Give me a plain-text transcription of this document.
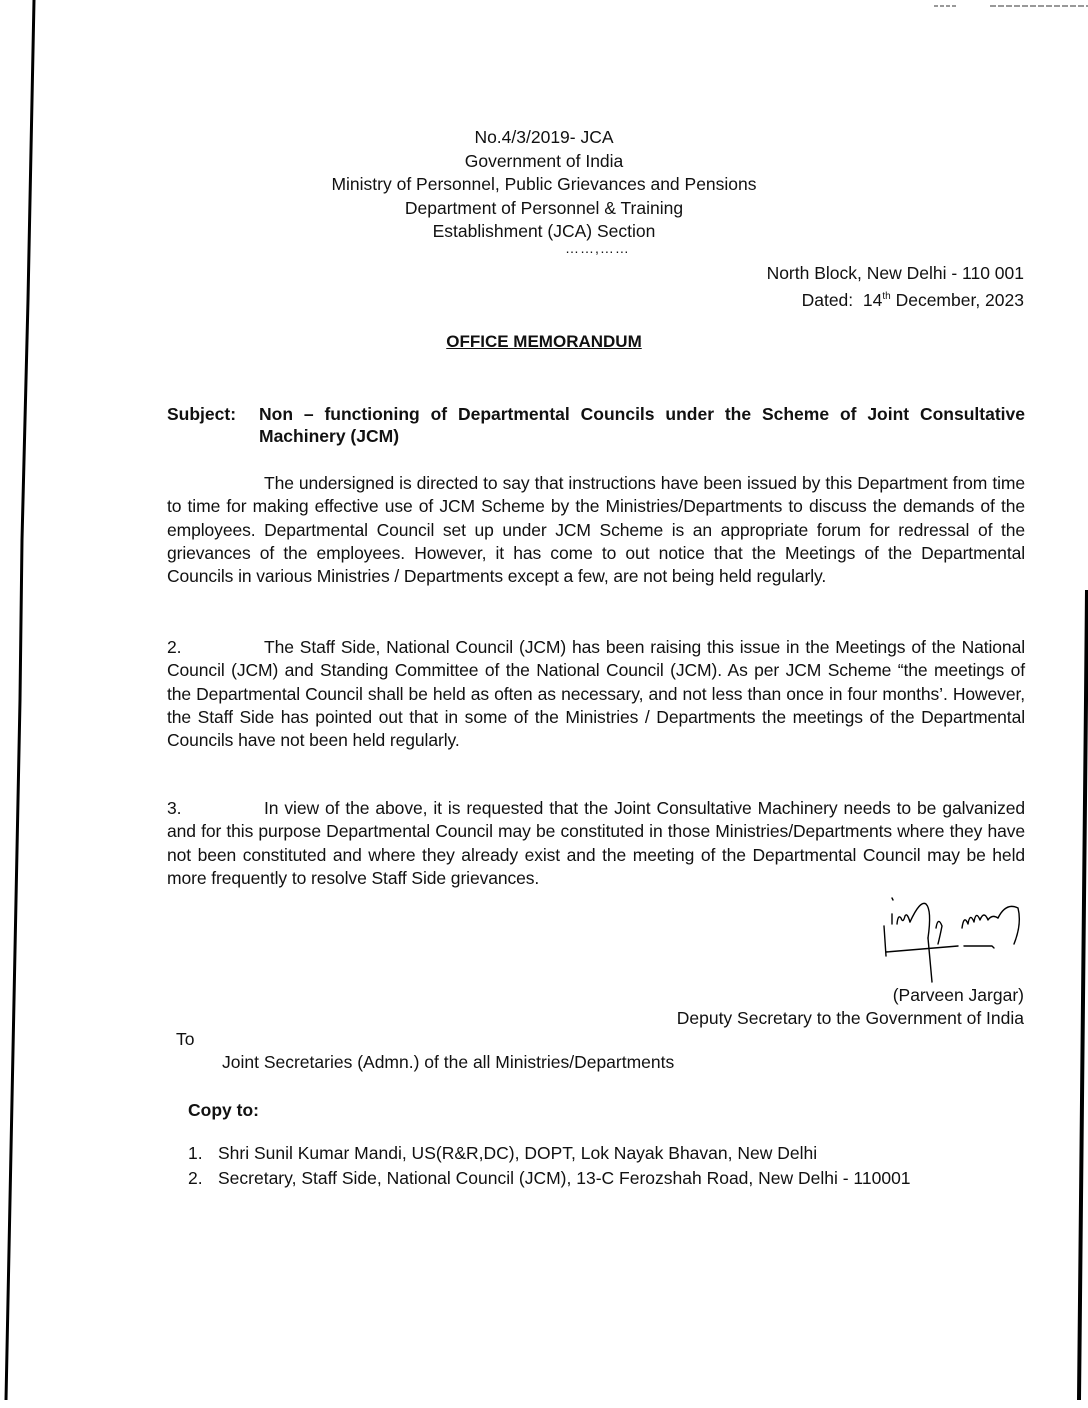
No.4/3/2019- JCA
Government of India
Ministry of Personnel, Public Grievances and Pensions
Department of Personnel & Training
Establishment (JCA) Section
……,……
North Block, New Delhi - 110 001
Dated: 14th December, 2023
OFFICE MEMORANDUM
Subject: Non – functioning of Departmental Councils under the Scheme of Joint Consultative Machinery (JCM)
The undersigned is directed to say that instructions have been issued by this Department from time to time for making effective use of JCM Scheme by the Ministries/Departments to discuss the demands of the employees. Departmental Council set up under JCM Scheme is an appropriate forum for redressal of the grievances of the employees. However, it has come to out notice that the Meetings of the Departmental Councils in various Ministries / Departments except a few, are not being held regularly.
2.	The Staff Side, National Council (JCM) has been raising this issue in the Meetings of the National Council (JCM) and Standing Committee of the National Council (JCM). As per JCM Scheme “the meetings of the Departmental Council shall be held as often as necessary, and not less than once in four months’. However, the Staff Side has pointed out that in some of the Ministries / Departments the meetings of the Departmental Councils have not been held regularly.
3.	In view of the above, it is requested that the Joint Consultative Machinery needs to be galvanized and for this purpose Departmental Council may be constituted in those Ministries/Departments where they have not been constituted and where they already exist and the meeting of the Departmental Council may be held more frequently to resolve Staff Side grievances.
(Parveen Jargar)
Deputy Secretary to the Government of India
To
Joint Secretaries (Admn.) of the all Ministries/Departments
Copy to:
1. Shri Sunil Kumar Mandi, US(R&R,DC), DOPT, Lok Nayak Bhavan, New Delhi
2. Secretary, Staff Side, National Council (JCM), 13-C Ferozshah Road, New Delhi - 110001
